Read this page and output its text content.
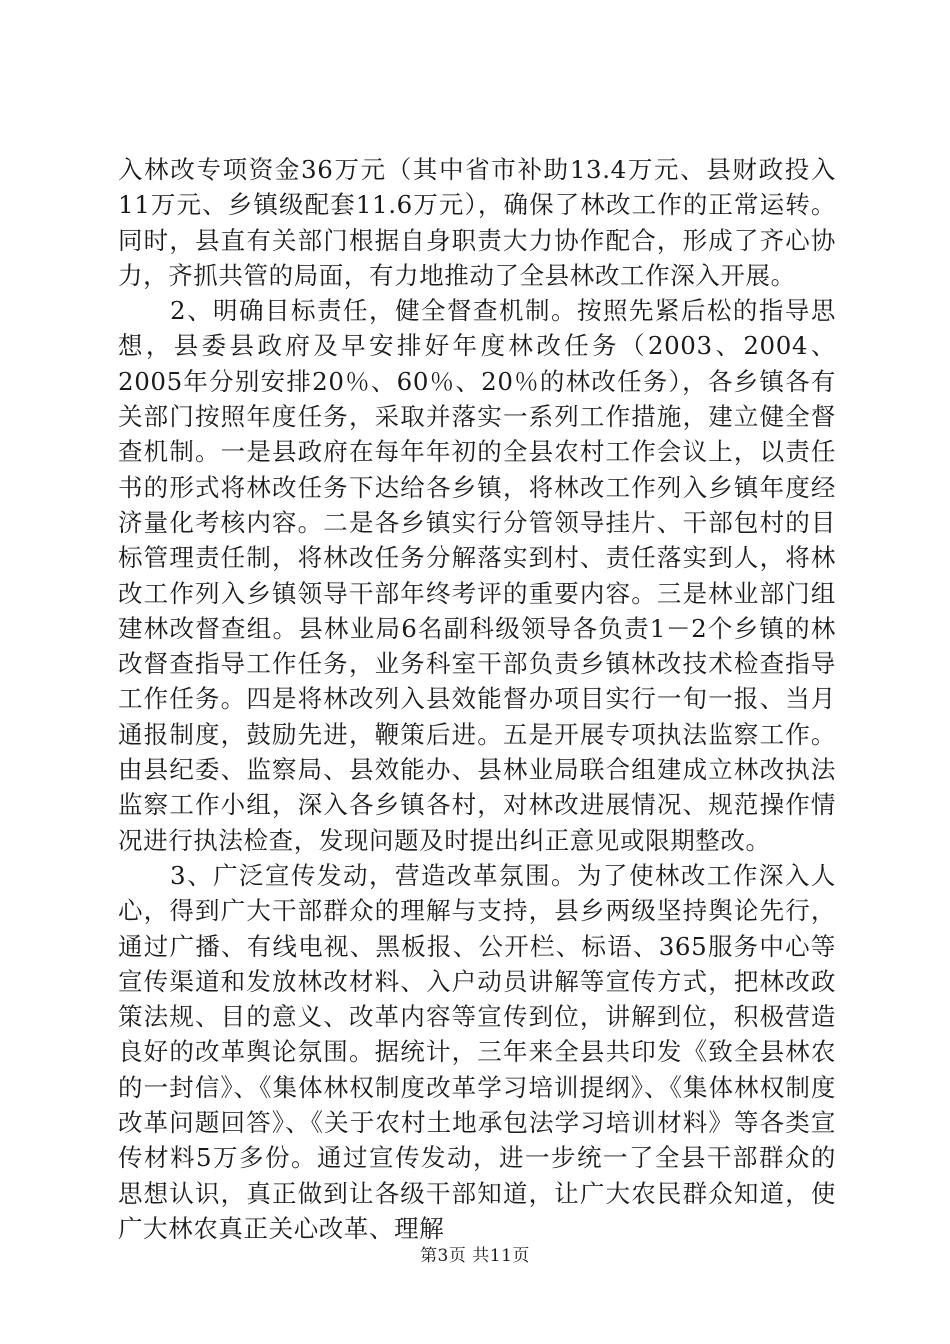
入林改专项资金36万元（其中省市补助13.4万元、县财政投入11万元、乡镇级配套11.6万元），确保了林改工作的正常运转。同时，县直有关部门根据自身职责大力协作配合，形成了齐心协力，齐抓共管的局面，有力地推动了全县林改工作深入开展。

　　2、明确目标责任，健全督查机制。按照先紧后松的指导思想，县委县政府及早安排好年度林改任务（2003、2004、2005年分别安排20％、60％、20％的林改任务），各乡镇各有关部门按照年度任务，采取并落实一系列工作措施，建立健全督查机制。一是县政府在每年年初的全县农村工作会议上，以责任书的形式将林改任务下达给各乡镇，将林改工作列入乡镇年度经济量化考核内容。二是各乡镇实行分管领导挂片、干部包村的目标管理责任制，将林改任务分解落实到村、责任落实到人，将林改工作列入乡镇领导干部年终考评的重要内容。三是林业部门组建林改督查组。县林业局6名副科级领导各负责1－2个乡镇的林改督查指导工作任务，业务科室干部负责乡镇林改技术检查指导工作任务。四是将林改列入县效能督办项目实行一旬一报、当月通报制度，鼓励先进，鞭策后进。五是开展专项执法监察工作。由县纪委、监察局、县效能办、县林业局联合组建成立林改执法监察工作小组，深入各乡镇各村，对林改进展情况、规范操作情况进行执法检查，发现问题及时提出纠正意见或限期整改。

　　3、广泛宣传发动，营造改革氛围。为了使林改工作深入人心，得到广大干部群众的理解与支持，县乡两级坚持舆论先行，通过广播、有线电视、黑板报、公开栏、标语、365服务中心等宣传渠道和发放林改材料、入户动员讲解等宣传方式，把林改政策法规、目的意义、改革内容等宣传到位，讲解到位，积极营造良好的改革舆论氛围。据统计，三年来全县共印发《致全县林农的一封信》、《集体林权制度改革学习培训提纲》、《集体林权制度改革问题回答》、《关于农村土地承包法学习培训材料》等各类宣传材料5万多份。通过宣传发动，进一步统一了全县干部群众的思想认识，真正做到让各级干部知道，让广大农民群众知道，使广大林农真正关心改革、理解

第3页 共11页
